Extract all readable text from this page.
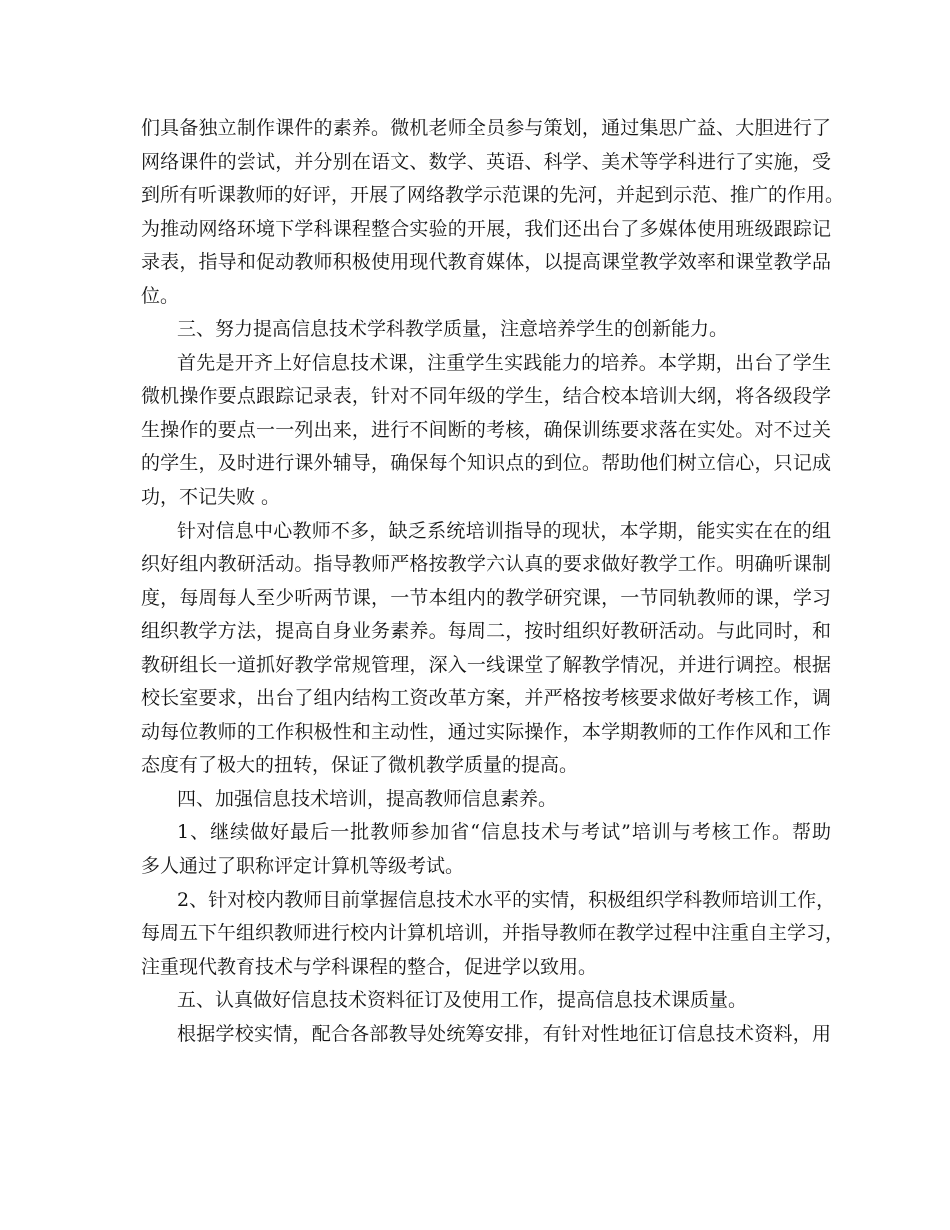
们具备独立制作课件的素养。微机老师全员参与策划，通过集思广益、大胆进行了
网络课件的尝试，并分别在语文、数学、英语、科学、美术等学科进行了实施，受
到所有听课教师的好评，开展了网络教学示范课的先河，并起到示范、推广的作用。
为推动网络环境下学科课程整合实验的开展，我们还出台了多媒体使用班级跟踪记
录表，指导和促动教师积极使用现代教育媒体，以提高课堂教学效率和课堂教学品
位。
三、努力提高信息技术学科教学质量，注意培养学生的创新能力。
首先是开齐上好信息技术课，注重学生实践能力的培养。本学期，出台了学生
微机操作要点跟踪记录表，针对不同年级的学生，结合校本培训大纲，将各级段学
生操作的要点一一列出来，进行不间断的考核，确保训练要求落在实处。对不过关
的学生，及时进行课外辅导，确保每个知识点的到位。帮助他们树立信心，只记成
功，不记失败 。
针对信息中心教师不多，缺乏系统培训指导的现状，本学期，能实实在在的组
织好组内教研活动。指导教师严格按教学六认真的要求做好教学工作。明确听课制
度，每周每人至少听两节课，一节本组内的教学研究课，一节同轨教师的课，学习
组织教学方法，提高自身业务素养。每周二，按时组织好教研活动。与此同时，和
教研组长一道抓好教学常规管理，深入一线课堂了解教学情况，并进行调控。根据
校长室要求，出台了组内结构工资改革方案，并严格按考核要求做好考核工作，调
动每位教师的工作积极性和主动性，通过实际操作，本学期教师的工作作风和工作
态度有了极大的扭转，保证了微机教学质量的提高。
四、加强信息技术培训，提高教师信息素养。
1、继续做好最后一批教师参加省“信息技术与考试”培训与考核工作。帮助
多人通过了职称评定计算机等级考试。
2、针对校内教师目前掌握信息技术水平的实情，积极组织学科教师培训工作，
每周五下午组织教师进行校内计算机培训，并指导教师在教学过程中注重自主学习，
注重现代教育技术与学科课程的整合，促进学以致用。
五、认真做好信息技术资料征订及使用工作，提高信息技术课质量。
根据学校实情，配合各部教导处统筹安排，有针对性地征订信息技术资料，用
